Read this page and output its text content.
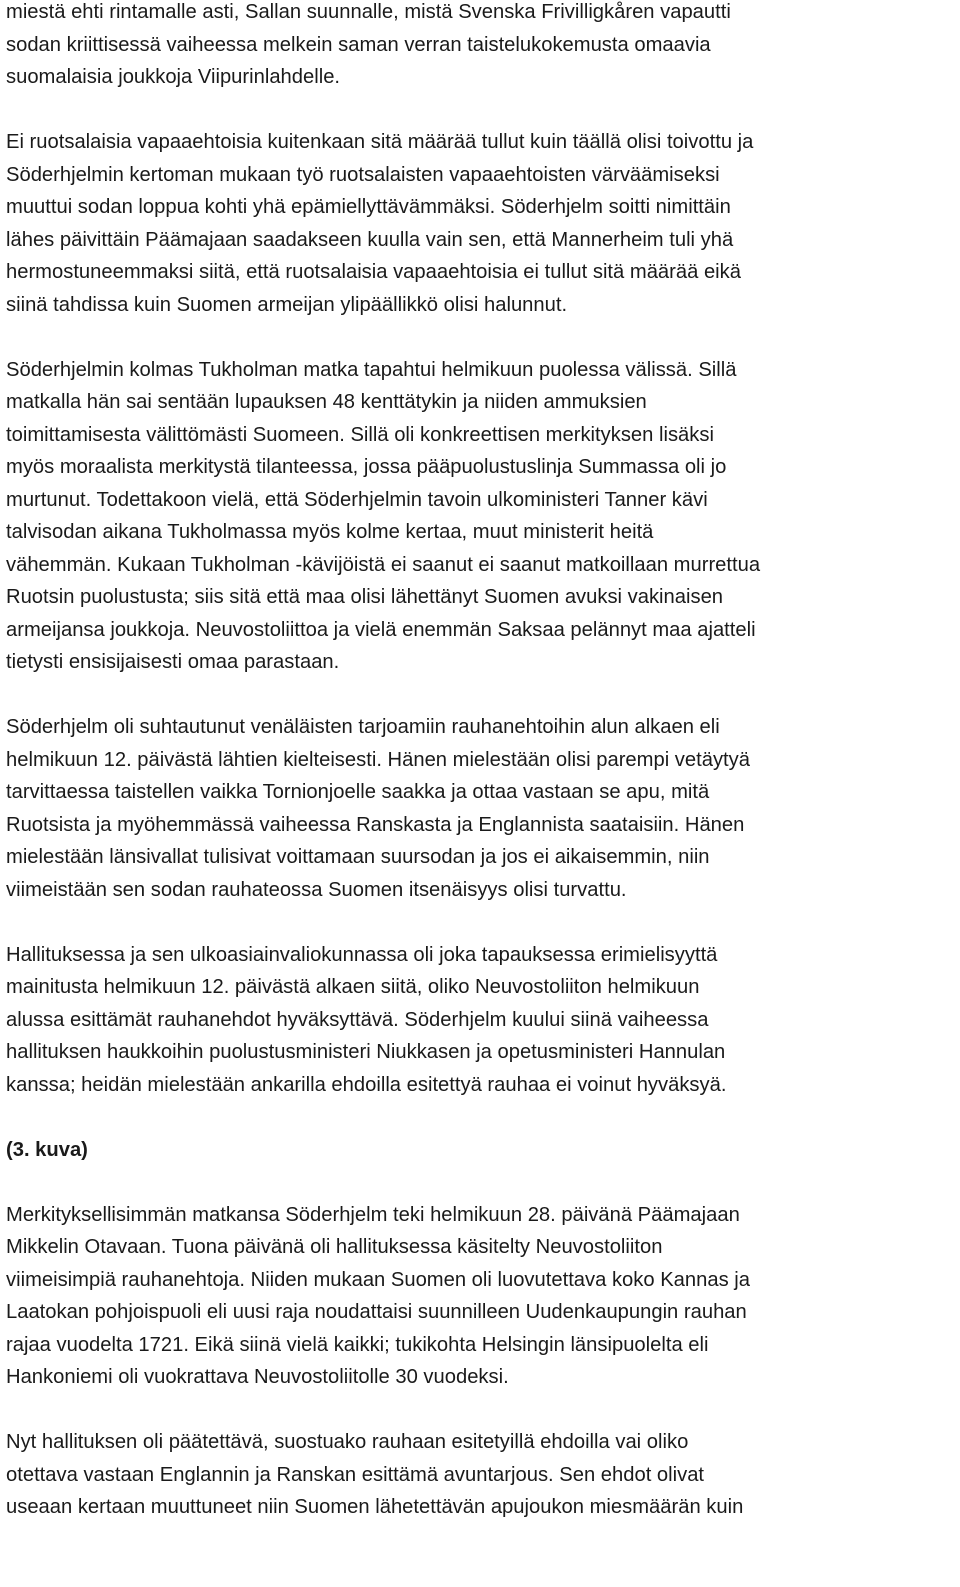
miestä ehti rintamalle asti, Sallan suunnalle, mistä Svenska Frivilligkåren vapautti
sodan kriittisessä vaiheessa melkein saman verran taistelukokemusta omaavia
suomalaisia joukkoja Viipurinlahdelle.

Ei ruotsalaisia vapaaehtoisia kuitenkaan sitä määrää tullut kuin täällä olisi toivottu ja
Söderhjelmin kertoman mukaan työ ruotsalaisten vapaaehtoisten värväämiseksi
muuttui sodan loppua kohti yhä epämiellyttävämmäksi. Söderhjelm soitti nimittäin
lähes päivittäin Päämajaan saadakseen kuulla vain sen, että Mannerheim tuli yhä
hermostuneemmaksi siitä, että ruotsalaisia vapaaehtoisia ei tullut sitä määrää eikä
siinä tahdissa kuin Suomen armeijan ylipäällikkö olisi halunnut.

Söderhjelmin kolmas Tukholman matka tapahtui helmikuun puolessa välissä. Sillä
matkalla hän sai sentään lupauksen 48 kenttätykin ja niiden ammuksien
toimittamisesta välittömästi Suomeen. Sillä oli konkreettisen merkityksen lisäksi
myös moraalista merkitystä tilanteessa, jossa pääpuolustuslinja Summassa oli jo
murtunut. Todettakoon vielä, että Söderhjelmin tavoin ulkoministeri Tanner kävi
talvisodan aikana Tukholmassa myös kolme kertaa, muut ministerit heitä
vähemmän. Kukaan Tukholman -kävijöistä ei saanut ei saanut matkoillaan murrettua
Ruotsin puolustusta; siis sitä että maa olisi lähettänyt Suomen avuksi vakinaisen
armeijansa joukkoja. Neuvostoliittoa ja vielä enemmän Saksaa pelännyt maa ajatteli
tietysti ensisijaisesti omaa parastaan.

Söderhjelm oli suhtautunut venäläisten tarjoamiin rauhanehtoihin alun alkaen eli
helmikuun 12. päivästä lähtien kielteisesti. Hänen mielestään olisi parempi vetäytyä
tarvittaessa taistellen vaikka Tornionjoelle saakka ja ottaa vastaan se apu, mitä
Ruotsista ja myöhemmässä vaiheessa Ranskasta ja Englannista saataisiin. Hänen
mielestään länsivallat tulisivat voittamaan suursodan ja jos ei aikaisemmin, niin
viimeistään sen sodan rauhateossa Suomen itsenäisyys olisi turvattu.

Hallituksessa ja sen ulkoasiainvaliokunnassa oli joka tapauksessa erimielisyyttä
mainitusta helmikuun 12. päivästä alkaen siitä, oliko Neuvostoliiton helmikuun
alussa esittämät rauhanehdot hyväksyttävä. Söderhjelm kuului siinä vaiheessa
hallituksen haukkoihin puolustusministeri Niukkasen ja opetusministeri Hannulan
kanssa; heidän mielestään ankarilla ehdoilla esitettyä rauhaa ei voinut hyväksyä.

(3. kuva)

Merkityksellisimmän matkansa Söderhjelm teki helmikuun 28. päivänä Päämajaan
Mikkelin Otavaan. Tuona päivänä oli hallituksessa käsitelty Neuvostoliiton
viimeisimpiä rauhanehtoja. Niiden mukaan Suomen oli luovutettava koko Kannas ja
Laatokan pohjoispuoli eli uusi raja noudattaisi suunnilleen Uudenkaupungin rauhan
rajaa vuodelta 1721. Eikä siinä vielä kaikki; tukikohta Helsingin länsipuolelta eli
Hankoniemi oli vuokrattava Neuvostoliitolle 30 vuodeksi.

Nyt hallituksen oli päätettävä, suostuako rauhaan esitetyillä ehdoilla vai oliko
otettava vastaan Englannin ja Ranskan esittämä avuntarjous. Sen ehdot olivat
useaan kertaan muuttuneet niin Suomen lähetettävän apujoukon miesmäärän kuin
